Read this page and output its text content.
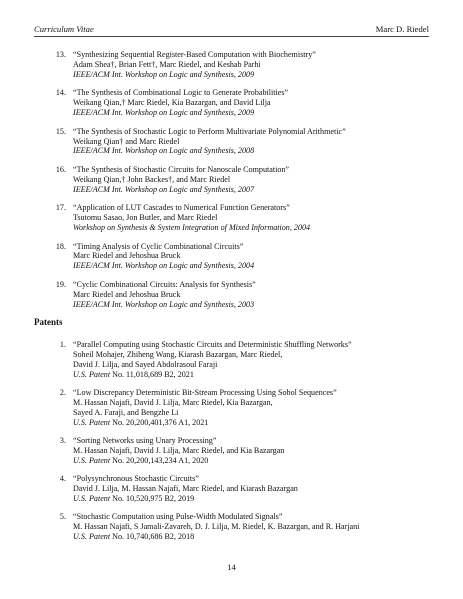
Curriculum Vitae	Marc D. Riedel
13. “Synthesizing Sequential Register-Based Computation with Biochemistry”
Adam Shea†, Brian Fett†, Marc Riedel, and Keshab Parhi
IEEE/ACM Int. Workshop on Logic and Synthesis, 2009
14. “The Synthesis of Combinational Logic to Generate Probabilities”
Weikang Qian,† Marc Riedel, Kia Bazargan, and David Lilja
IEEE/ACM Int. Workshop on Logic and Synthesis, 2009
15. “The Synthesis of Stochastic Logic to Perform Multivariate Polynomial Arithmetic”
Weikang Qian† and Marc Riedel
IEEE/ACM Int. Workshop on Logic and Synthesis, 2008
16. “The Synthesis of Stochastic Circuits for Nanoscale Computation”
Weikang Qian,† John Backes†, and Marc Riedel
IEEE/ACM Int. Workshop on Logic and Synthesis, 2007
17. “Application of LUT Cascades to Numerical Function Generators”
Tsutomu Sasao, Jon Butler, and Marc Riedel
Workshop on Synthesis & System Integration of Mixed Information, 2004
18. “Timing Analysis of Cyclic Combinational Circuits”
Marc Riedel and Jehoshua Bruck
IEEE/ACM Int. Workshop on Logic and Synthesis, 2004
19. “Cyclic Combinational Circuits: Analysis for Synthesis”
Marc Riedel and Jehoshua Bruck
IEEE/ACM Int. Workshop on Logic and Synthesis, 2003
Patents
1. “Parallel Computing using Stochastic Circuits and Deterministic Shuffling Networks”
Soheil Mohajer, Zhiheng Wang, Kiarash Bazargan, Marc Riedel,
David J. Lilja, and Sayed Abdolrasoul Faraji
U.S. Patent No. 11,018,689 B2, 2021
2. “Low Discrepancy Deterministic Bit-Stream Processing Using Sobol Sequences”
M. Hassan Najafi, David J. Lilja, Marc Riedel, Kia Bazargan,
Sayed A. Faraji, and Bengzhe Li
U.S. Patent No. 20,200,401,376 A1, 2021
3. “Sorting Networks using Unary Processing”
M. Hassan Najafi, David J. Lilja, Marc Riedel, and Kia Bazargan
U.S. Patent No. 20,200,143,234 A1, 2020
4. “Polysynchronous Stochastic Circuits”
David J. Lilja, M. Hassan Najafi, Marc Riedel, and Kiarash Bazargan
U.S. Patent No. 10,520,975 B2, 2019
5. “Stochastic Computation using Pulse-Width Modulated Signals”
M. Hassan Najafi, S Jamali-Zavareh, D. J. Lilja, M. Riedel, K. Bazargan, and R. Harjani
U.S. Patent No. 10,740,686 B2, 2018
14
